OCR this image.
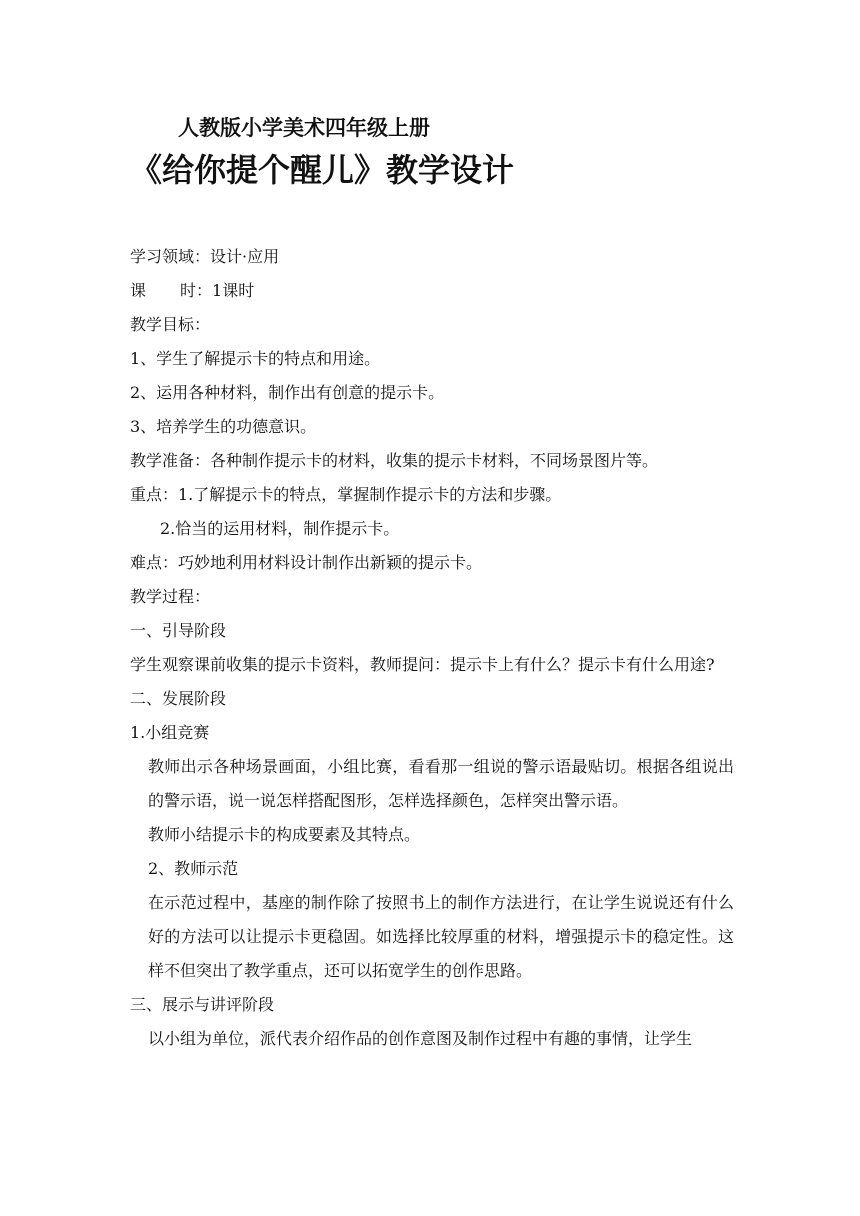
人教版小学美术四年级上册
《给你提个醒儿》教学设计

学习领域：设计·应用

课 时：1课时

教学目标：

1、学生了解提示卡的特点和用途。

2、运用各种材料，制作出有创意的提示卡。

3、培养学生的功德意识。

教学准备：各种制作提示卡的材料，收集的提示卡材料，不同场景图片等。

重点：1.了解提示卡的特点，掌握制作提示卡的方法和步骤。

2.恰当的运用材料，制作提示卡。

难点：巧妙地利用材料设计制作出新颖的提示卡。

教学过程：

一、引导阶段

学生观察课前收集的提示卡资料，教师提问：提示卡上有什么？提示卡有什么用途?

二、发展阶段

1.小组竞赛

教师出示各种场景画面，小组比赛，看看那一组说的警示语最贴切。根据各组说出的警示语，说一说怎样搭配图形，怎样选择颜色，怎样突出警示语。

教师小结提示卡的构成要素及其特点。

2、教师示范

在示范过程中，基座的制作除了按照书上的制作方法进行，在让学生说说还有什么好的方法可以让提示卡更稳固。如选择比较厚重的材料，增强提示卡的稳定性。这样不但突出了教学重点，还可以拓宽学生的创作思路。

三、展示与讲评阶段

以小组为单位，派代表介绍作品的创作意图及制作过程中有趣的事情，让学生
